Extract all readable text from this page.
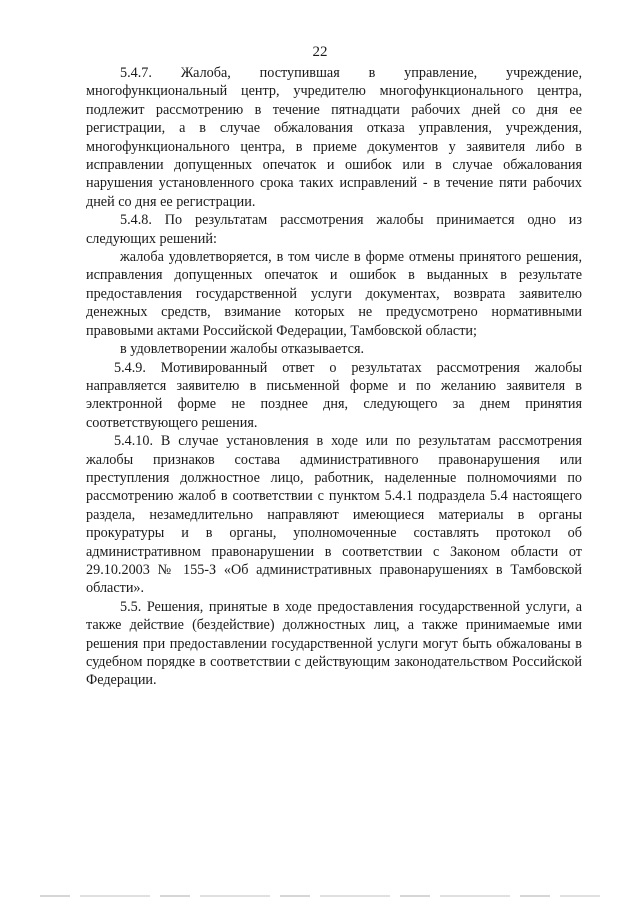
22

5.4.7. Жалоба, поступившая в управление, учреждение, многофункциональный центр, учредителю многофункционального центра, подлежит рассмотрению в течение пятнадцати рабочих дней со дня ее регистрации, а в случае обжалования отказа управления, учреждения, многофункционального центра, в приеме документов у заявителя либо в исправлении допущенных опечаток и ошибок или в случае обжалования нарушения установленного срока таких исправлений - в течение пяти рабочих дней со дня ее регистрации.

5.4.8. По результатам рассмотрения жалобы принимается одно из следующих решений:

жалоба удовлетворяется, в том числе в форме отмены принятого решения, исправления допущенных опечаток и ошибок в выданных в результате предоставления государственной услуги документах, возврата заявителю денежных средств, взимание которых не предусмотрено нормативными правовыми актами Российской Федерации, Тамбовской области;

в удовлетворении жалобы отказывается.

5.4.9. Мотивированный ответ о результатах рассмотрения жалобы направляется заявителю в письменной форме и по желанию заявителя в электронной форме не позднее дня, следующего за днем принятия соответствующего решения.

5.4.10. В случае установления в ходе или по результатам рассмотрения жалобы признаков состава административного правонарушения или преступления должностное лицо, работник, наделенные полномочиями по рассмотрению жалоб в соответствии с пунктом 5.4.1 подраздела 5.4 настоящего раздела, незамедлительно направляют имеющиеся материалы в органы прокуратуры и в органы, уполномоченные составлять протокол об административном правонарушении в соответствии с Законом области от 29.10.2003 № 155-З «Об административных правонарушениях в Тамбовской области».

5.5. Решения, принятые в ходе предоставления государственной услуги, а также действие (бездействие) должностных лиц, а также принимаемые ими решения при предоставлении государственной услуги могут быть обжалованы в судебном порядке в соответствии с действующим законодательством Российской Федерации.
